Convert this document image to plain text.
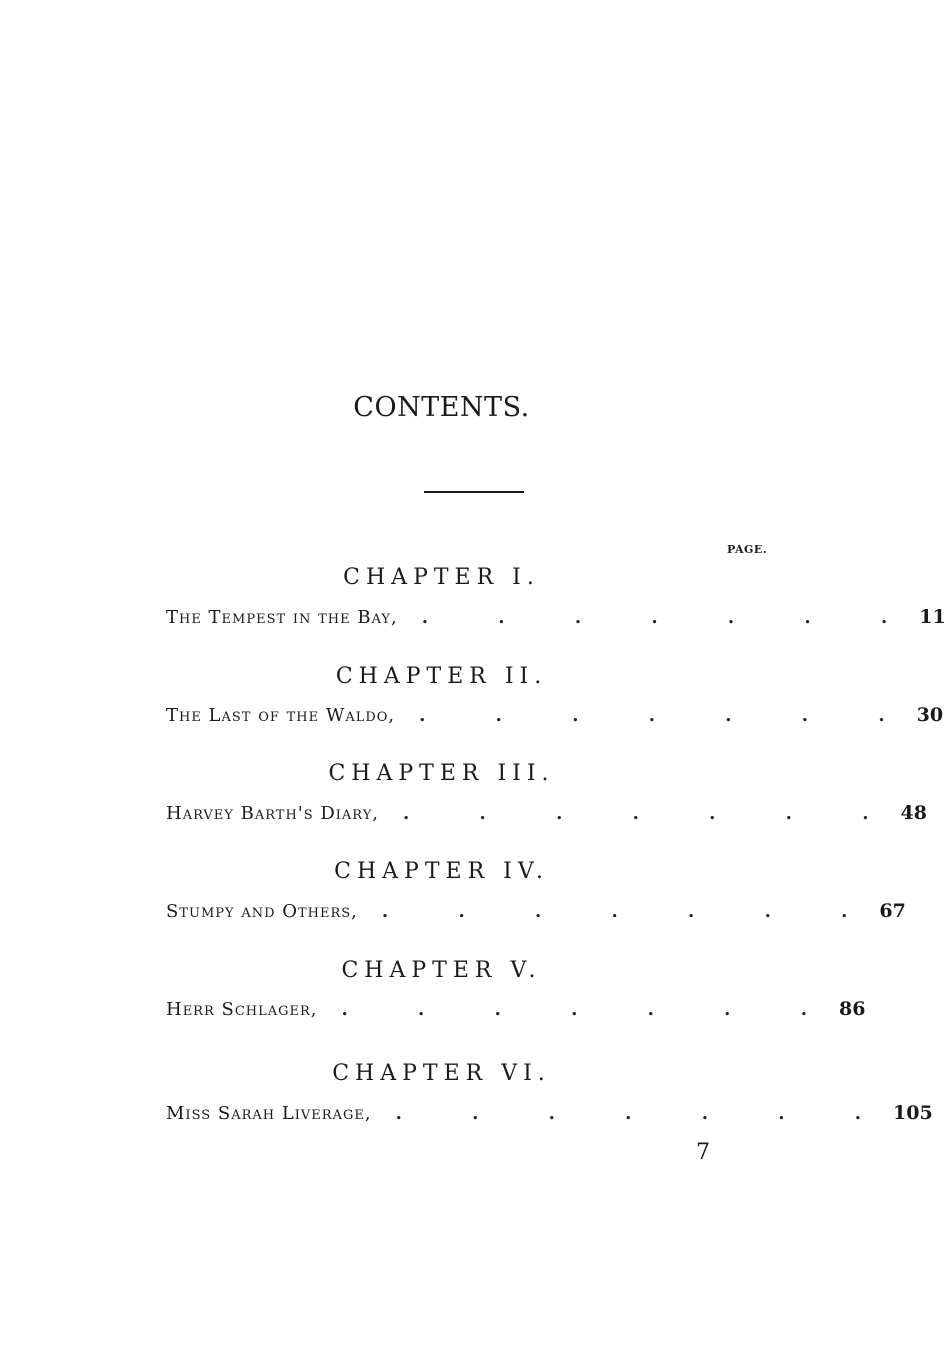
CONTENTS.
PAGE.
CHAPTER I.
The Tempest in the Bay, . . . . . . . 11
CHAPTER II.
The Last of the Waldo, . . . . . . . 30
CHAPTER III.
Harvey Barth's Diary, . . . . . . . 48
CHAPTER IV.
Stumpy and Others, . . . . . . . 67
CHAPTER V.
Herr Schlager, . . . . . . . 86
CHAPTER VI.
Miss Sarah Liverage, . . . . . . . 105
7
